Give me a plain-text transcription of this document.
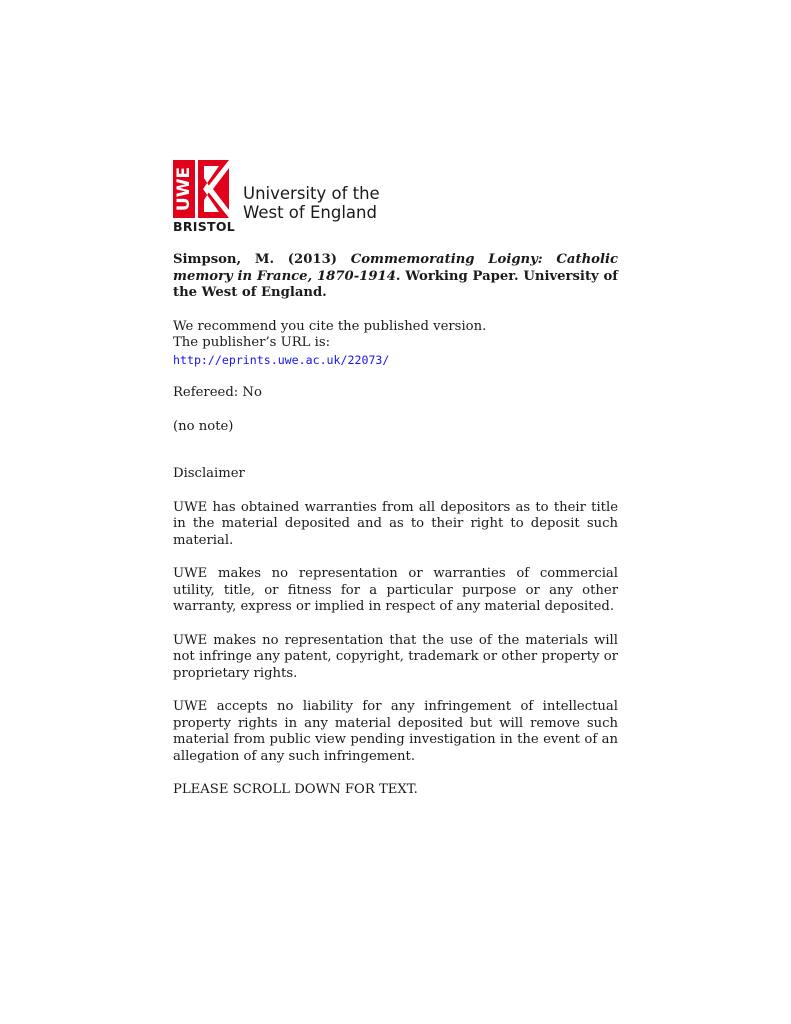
UWE	University of the
West of England
BRISTOL
Simpson, M. (2013) Commemorating Loigny: Catholic memory in France, 1870-1914. Working Paper. University of the West of England.
We recommend you cite the published version.
The publisher’s URL is:
http://eprints.uwe.ac.uk/22073/
Refereed: No
(no note)
Disclaimer
UWE has obtained warranties from all depositors as to their title in the material deposited and as to their right to deposit such material.
UWE makes no representation or warranties of commercial utility, title, or fitness for a particular purpose or any other warranty, express or implied in respect of any material deposited.
UWE makes no representation that the use of the materials will not infringe any patent, copyright, trademark or other property or proprietary rights.
UWE accepts no liability for any infringement of intellectual property rights in any material deposited but will remove such material from public view pending investigation in the event of an allegation of any such infringement.
PLEASE SCROLL DOWN FOR TEXT.
